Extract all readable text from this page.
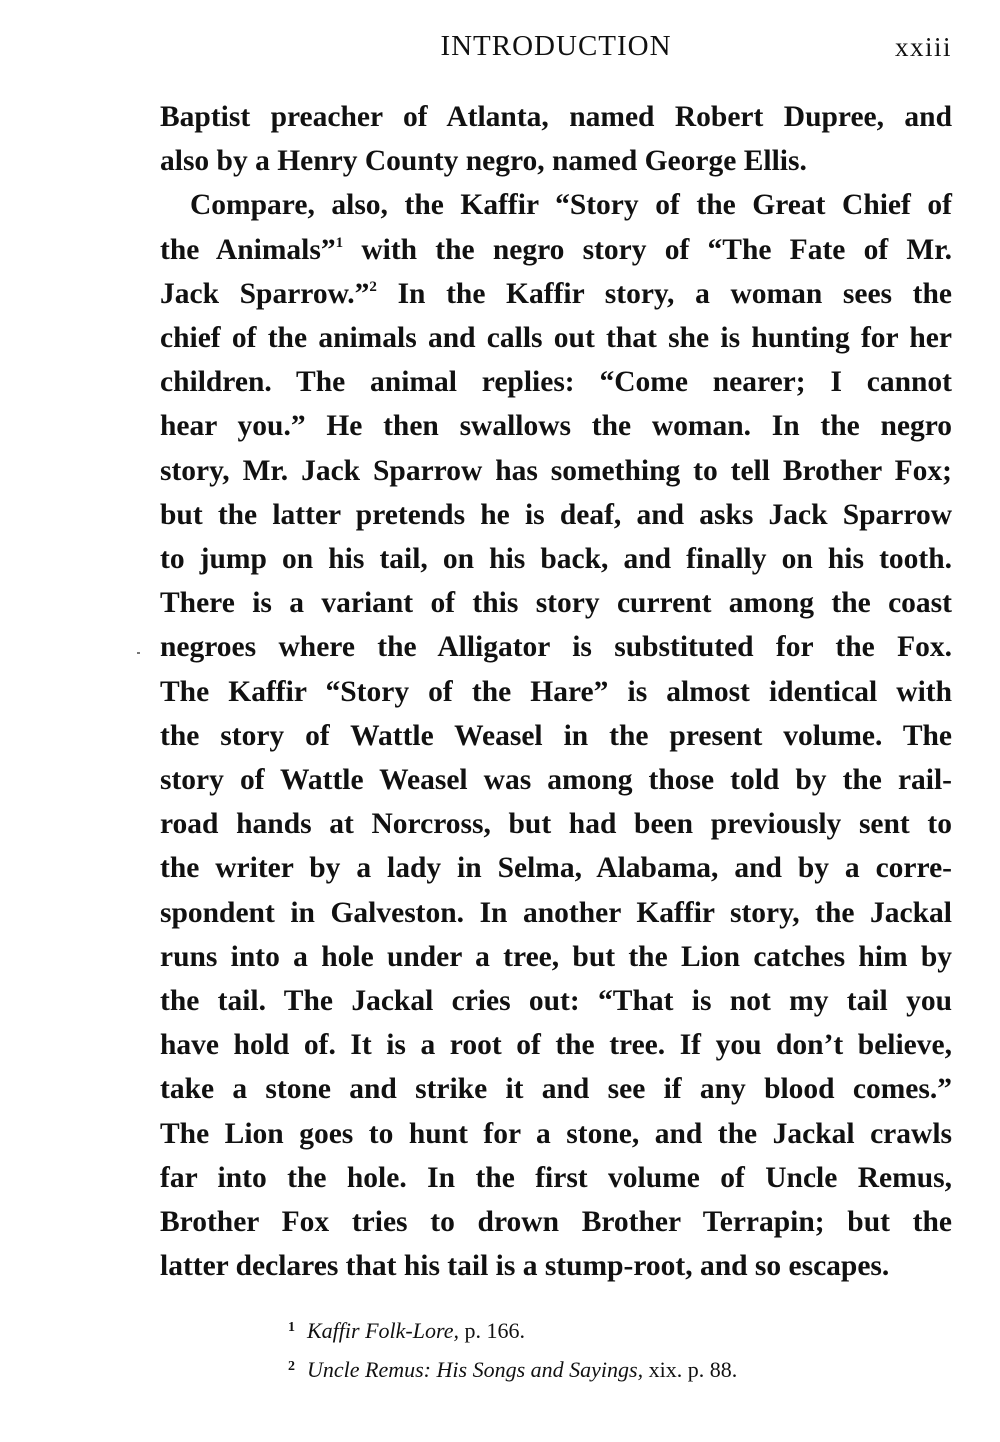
INTRODUCTION	xxiii
Baptist preacher of Atlanta, named Robert Dupree, and
also by a Henry County negro, named George Ellis.
Compare, also, the Kaffir “Story of the Great Chief of
the Animals”$^1$ with the negro story of “The Fate of Mr.
Jack Sparrow.”$^2$ In the Kaffir story, a woman sees the
chief of the animals and calls out that she is hunting for her
children. The animal replies: “Come nearer; I cannot
hear you.” He then swallows the woman. In the negro
story, Mr. Jack Sparrow has something to tell Brother Fox;
but the latter pretends he is deaf, and asks Jack Sparrow
to jump on his tail, on his back, and finally on his tooth.
There is a variant of this story current among the coast
negroes where the Alligator is substituted for the Fox.
The Kaffir “Story of the Hare” is almost identical with
the story of Wattle Weasel in the present volume. The
story of Wattle Weasel was among those told by the rail-
road hands at Norcross, but had been previously sent to
the writer by a lady in Selma, Alabama, and by a corre-
spondent in Galveston. In another Kaffir story, the Jackal
runs into a hole under a tree, but the Lion catches him by
the tail. The Jackal cries out: “That is not my tail you
have hold of. It is a root of the tree. If you don’t believe,
take a stone and strike it and see if any blood comes.”
The Lion goes to hunt for a stone, and the Jackal crawls
far into the hole. In the first volume of Uncle Remus,
Brother Fox tries to drown Brother Terrapin; but the
latter declares that his tail is a stump-root, and so escapes.
$^1$ Kaffir Folk-Lore, p. 166.
$^2$ Uncle Remus: His Songs and Sayings, xix. p. 88.
